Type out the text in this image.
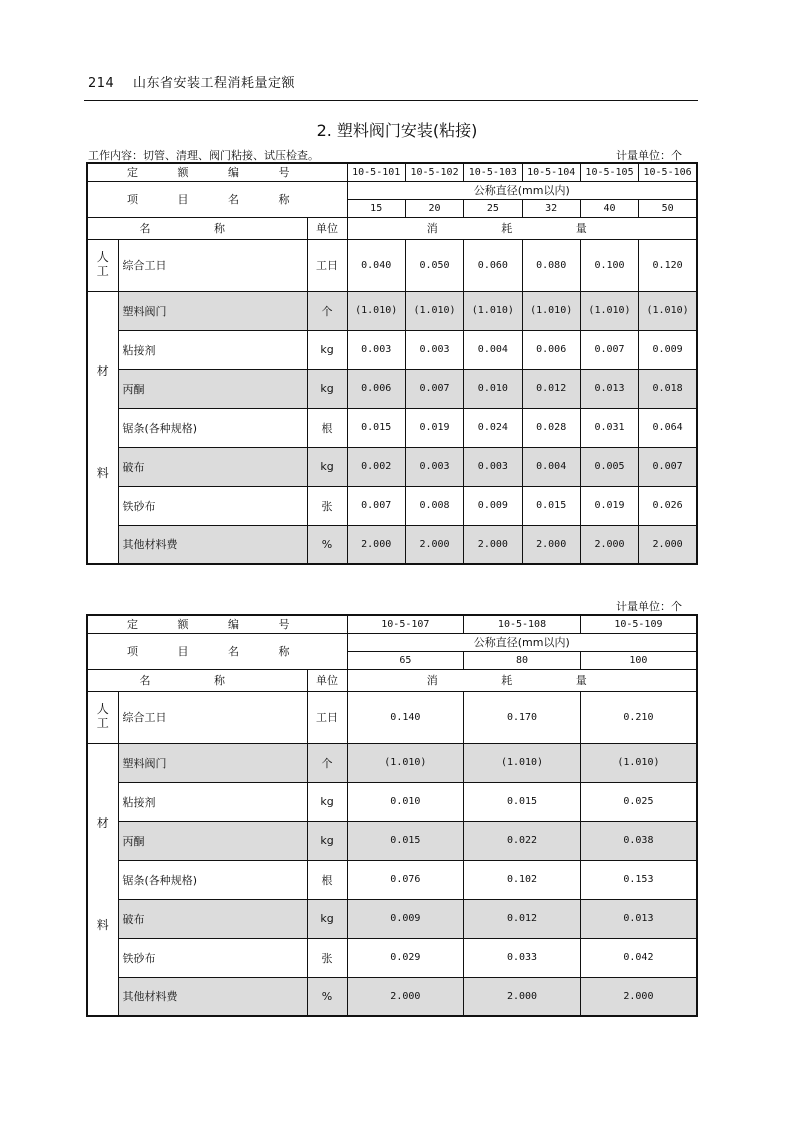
214 山东省安装工程消耗量定额
2. 塑料阀门安装(粘接)
工作内容：切管、清理、阀门粘接、试压检查。	计量单位：个
计量单位：个
定 额 编 号			10-5-101	10-5-102	10-5-103	10-5-104	10-5-105	10-5-106
项 目 名 称			公称直径(mm以内)					
			15	20	25	32	40	50
名 称		单位	消 耗 量					
人
工	综合工日	工日	0.040	0.050	0.060	0.080	0.100	0.120

材
料	塑料阀门	个	(1.010)	(1.010)	(1.010)	(1.010)	(1.010)	(1.010)
	粘接剂	kg	0.003	0.003	0.004	0.006	0.007	0.009
	丙酮	kg	0.006	0.007	0.010	0.012	0.013	0.018
	锯条(各种规格)	根	0.015	0.019	0.024	0.028	0.031	0.064
	破布	kg	0.002	0.003	0.003	0.004	0.005	0.007
	铁砂布	张	0.007	0.008	0.009	0.015	0.019	0.026
	其他材料费	%	2.000	2.000	2.000	2.000	2.000	2.000
定 额 编 号			10-5-107	10-5-108	10-5-109
项 目 名 称			公称直径(mm以内)		
			65	80	100
名 称		单位	消 耗 量		
人
工	综合工日	工日	0.140	0.170	0.210

材
料	塑料阀门	个	(1.010)	(1.010)	(1.010)
	粘接剂	kg	0.010	0.015	0.025
	丙酮	kg	0.015	0.022	0.038
	锯条(各种规格)	根	0.076	0.102	0.153
	破布	kg	0.009	0.012	0.013
	铁砂布	张	0.029	0.033	0.042
	其他材料费	%	2.000	2.000	2.000
